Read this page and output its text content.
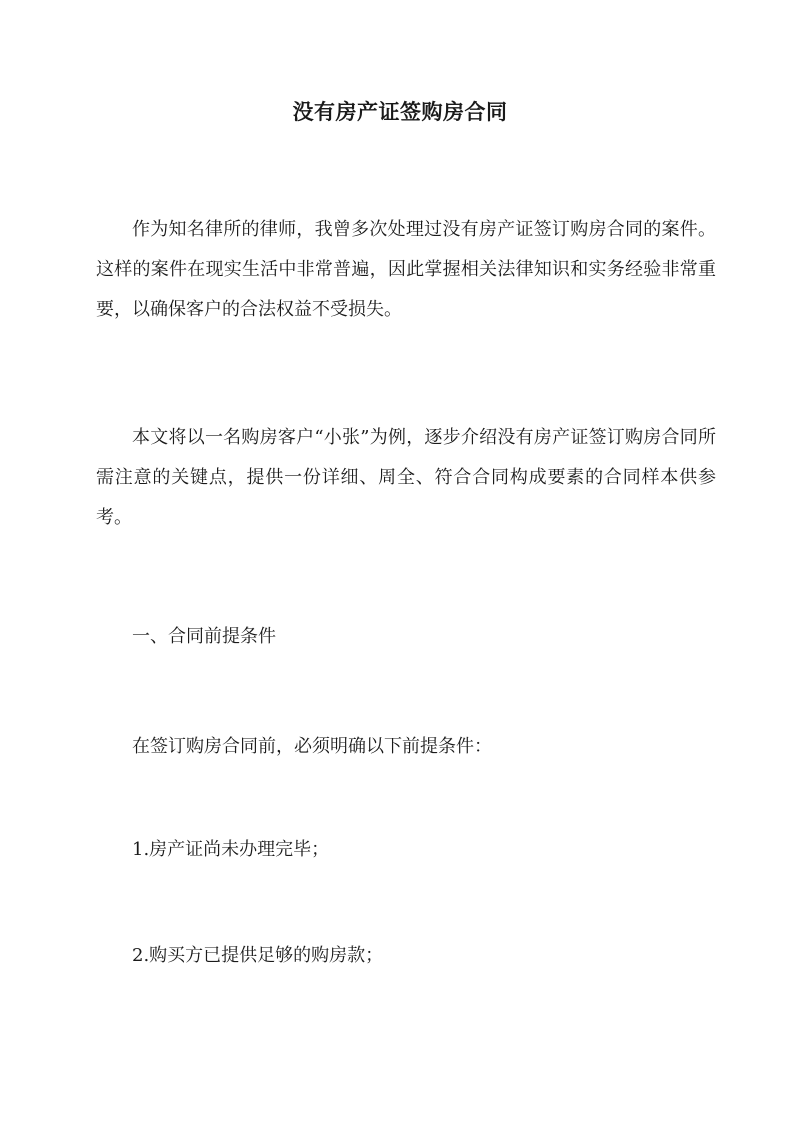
没有房产证签购房合同

作为知名律所的律师，我曾多次处理过没有房产证签订购房合同的案件。这样的案件在现实生活中非常普遍，因此掌握相关法律知识和实务经验非常重要，以确保客户的合法权益不受损失。

本文将以一名购房客户“小张”为例，逐步介绍没有房产证签订购房合同所需注意的关键点，提供一份详细、周全、符合合同构成要素的合同样本供参考。

一、合同前提条件

在签订购房合同前，必须明确以下前提条件：

1.房产证尚未办理完毕；

2.购买方已提供足够的购房款；
